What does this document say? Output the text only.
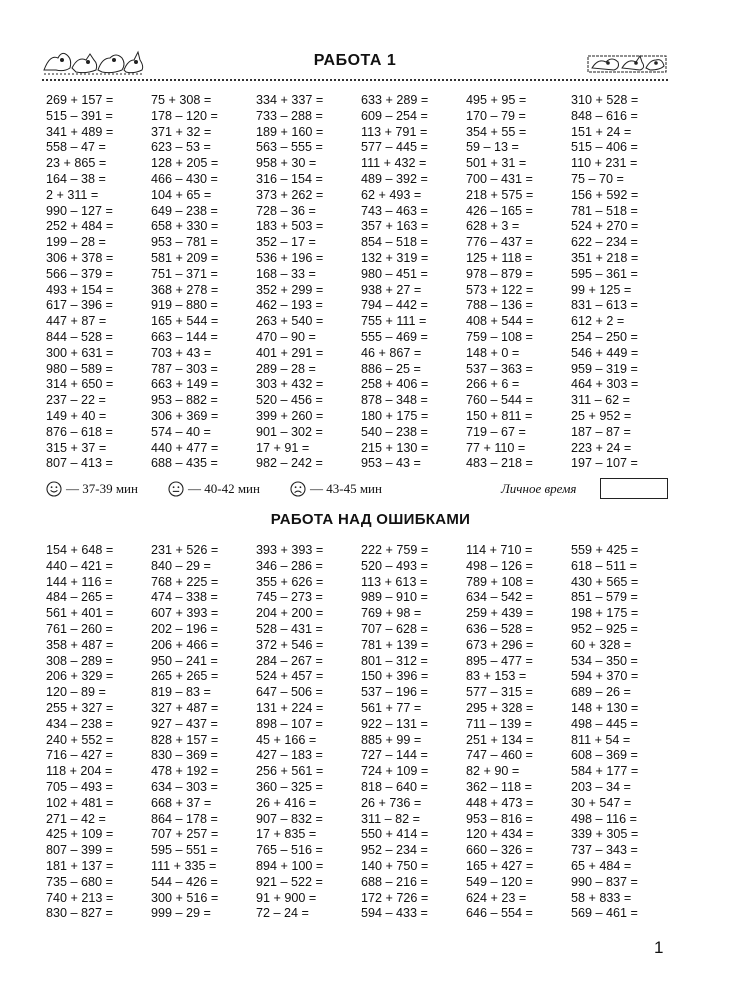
РАБОТА 1
269 + 157 =	75 + 308 =	334 + 337 =	633 + 289 =	495 + 95 =	310 + 528 =
515 – 391 =	178 – 120 =	733 – 288 =	609 – 254 =	170 – 79 =	848 – 616 =
341 + 489 =	371 + 32 =	189 + 160 =	113 + 791 =	354 + 55 =	151 + 24 =
558 – 47 =	623 – 53 =	563 – 555 =	577 – 445 =	59 – 13 =	515 – 406 =
23 + 865 =	128 + 205 =	958 + 30 =	111 + 432 =	501 + 31 =	110 + 231 =
164 – 38 =	466 – 430 =	316 – 154 =	489 – 392 =	700 – 431 =	75 – 70 =
2 + 311 =	104 + 65 =	373 + 262 =	62 + 493 =	218 + 575 =	156 + 592 =
990 – 127 =	649 – 238 =	728 – 36 =	743 – 463 =	426 – 165 =	781 – 518 =
252 + 484 =	658 + 330 =	183 + 503 =	357 + 163 =	628 + 3 =	524 + 270 =
199 – 28 =	953 – 781 =	352 – 17 =	854 – 518 =	776 – 437 =	622 – 234 =
306 + 378 =	581 + 209 =	536 + 196 =	132 + 319 =	125 + 118 =	351 + 218 =
566 – 379 =	751 – 371 =	168 – 33 =	980 – 451 =	978 – 879 =	595 – 361 =
493 + 154 =	368 + 278 =	352 + 299 =	938 + 27 =	573 + 122 =	99 + 125 =
617 – 396 =	919 – 880 =	462 – 193 =	794 – 442 =	788 – 136 =	831 – 613 =
447 + 87 =	165 + 544 =	263 + 540 =	755 + 111 =	408 + 544 =	612 + 2 =
844 – 528 =	663 – 144 =	470 – 90 =	555 – 469 =	759 – 108 =	254 – 250 =
300 + 631 =	703 + 43 =	401 + 291 =	46 + 867 =	148 + 0 =	546 + 449 =
980 – 589 =	787 – 303 =	289 – 28 =	886 – 25 =	537 – 363 =	959 – 319 =
314 + 650 =	663 + 149 =	303 + 432 =	258 + 406 =	266 + 6 =	464 + 303 =
237 – 22 =	953 – 882 =	520 – 456 =	878 – 348 =	760 – 544 =	311 – 62 =
149 + 40 =	306 + 369 =	399 + 260 =	180 + 175 =	150 + 811 =	25 + 952 =
876 – 618 =	574 – 40 =	901 – 302 =	540 – 238 =	719 – 67 =	187 – 87 =
315 + 37 =	440 + 477 =	17 + 91 =	215 + 130 =	77 + 110 =	223 + 24 =
807 – 413 =	688 – 435 =	982 – 242 =	953 – 43 =	483 – 218 =	197 – 107 =
— 37-39 мин	— 40-42 мин	— 43-45 мин	Личное время
РАБОТА НАД ОШИБКАМИ
154 + 648 =	231 + 526 =	393 + 393 =	222 + 759 =	114 + 710 =	559 + 425 =
440 – 421 =	840 – 29 =	346 – 286 =	520 – 493 =	498 – 126 =	618 – 511 =
144 + 116 =	768 + 225 =	355 + 626 =	113 + 613 =	789 + 108 =	430 + 565 =
484 – 265 =	474 – 338 =	745 – 273 =	989 – 910 =	634 – 542 =	851 – 579 =
561 + 401 =	607 + 393 =	204 + 200 =	769 + 98 =	259 + 439 =	198 + 175 =
761 – 260 =	202 – 196 =	528 – 431 =	707 – 628 =	636 – 528 =	952 – 925 =
358 + 487 =	206 + 466 =	372 + 546 =	781 + 139 =	673 + 296 =	60 + 328 =
308 – 289 =	950 – 241 =	284 – 267 =	801 – 312 =	895 – 477 =	534 – 350 =
206 + 329 =	265 + 265 =	524 + 457 =	150 + 396 =	83 + 153 =	594 + 370 =
120 – 89 =	819 – 83 =	647 – 506 =	537 – 196 =	577 – 315 =	689 – 26 =
255 + 327 =	327 + 487 =	131 + 224 =	561 + 77 =	295 + 328 =	148 + 130 =
434 – 238 =	927 – 437 =	898 – 107 =	922 – 131 =	711 – 139 =	498 – 445 =
240 + 552 =	828 + 157 =	45 + 166 =	885 + 99 =	251 + 134 =	811 + 54 =
716 – 427 =	830 – 369 =	427 – 183 =	727 – 144 =	747 – 460 =	608 – 369 =
118 + 204 =	478 + 192 =	256 + 561 =	724 + 109 =	82 + 90 =	584 + 177 =
705 – 493 =	634 – 303 =	360 – 325 =	818 – 640 =	362 – 118 =	203 – 34 =
102 + 481 =	668 + 37 =	26 + 416 =	26 + 736 =	448 + 473 =	30 + 547 =
271 – 42 =	864 – 178 =	907 – 832 =	311 – 82 =	953 – 816 =	498 – 116 =
425 + 109 =	707 + 257 =	17 + 835 =	550 + 414 =	120 + 434 =	339 + 305 =
807 – 399 =	595 – 551 =	765 – 516 =	952 – 234 =	660 – 326 =	737 – 343 =
181 + 137 =	111 + 335 =	894 + 100 =	140 + 750 =	165 + 427 =	65 + 484 =
735 – 680 =	544 – 426 =	921 – 522 =	688 – 216 =	549 – 120 =	990 – 837 =
740 + 213 =	300 + 516 =	91 + 900 =	172 + 726 =	624 + 23 =	58 + 833 =
830 – 827 =	999 – 29 =	72 – 24 =	594 – 433 =	646 – 554 =	569 – 461 =
1
